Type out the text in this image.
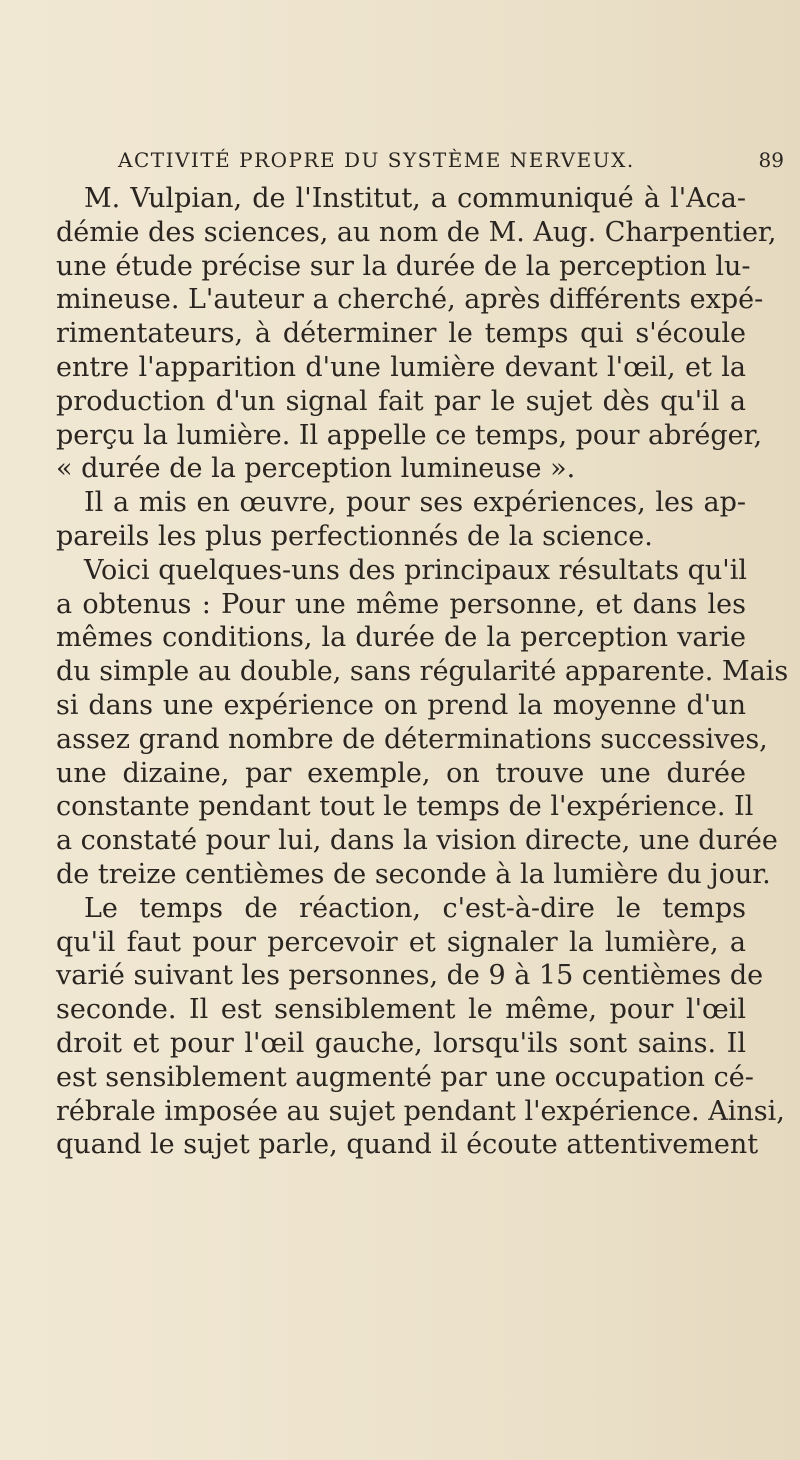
ACTIVITÉ PROPRE DU SYSTÈME NERVEUX.	89
M. Vulpian, de l'Institut, a communiqué à l'Aca-
démie des sciences, au nom de M. Aug. Charpentier,
une étude précise sur la durée de la perception lu-
mineuse. L'auteur a cherché, après différents expé-
rimentateurs, à déterminer le temps qui s'écoule
entre l'apparition d'une lumière devant l'œil, et la
production d'un signal fait par le sujet dès qu'il a
perçu la lumière. Il appelle ce temps, pour abréger,
« durée de la perception lumineuse ».
Il a mis en œuvre, pour ses expériences, les ap-
pareils les plus perfectionnés de la science.
Voici quelques-uns des principaux résultats qu'il
a obtenus : Pour une même personne, et dans les
mêmes conditions, la durée de la perception varie
du simple au double, sans régularité apparente. Mais
si dans une expérience on prend la moyenne d'un
assez grand nombre de déterminations successives,
une dizaine, par exemple, on trouve une durée
constante pendant tout le temps de l'expérience. Il
a constaté pour lui, dans la vision directe, une durée
de treize centièmes de seconde à la lumière du jour.
Le temps de réaction, c'est-à-dire le temps
qu'il faut pour percevoir et signaler la lumière, a
varié suivant les personnes, de 9 à 15 centièmes de
seconde. Il est sensiblement le même, pour l'œil
droit et pour l'œil gauche, lorsqu'ils sont sains. Il
est sensiblement augmenté par une occupation cé-
rébrale imposée au sujet pendant l'expérience. Ainsi,
quand le sujet parle, quand il écoute attentivement
